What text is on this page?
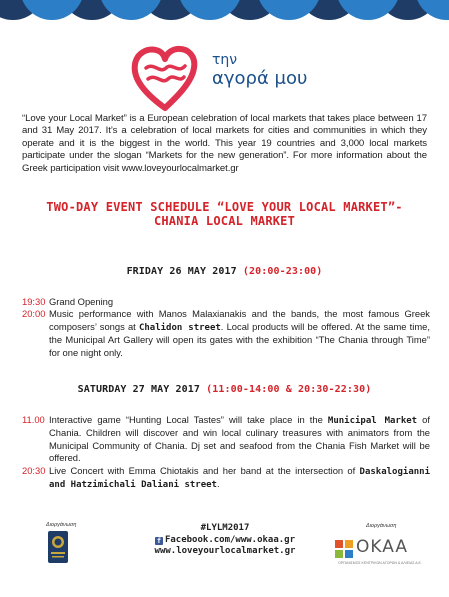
την
αγορά μου
“Love your Local Market” is a European celebration of local markets that takes place between 17 and 31 May 2017. It’s a celebration of local markets for cities and communities in which they operate and it is the biggest in the world. This year 19 countries and 3,000 local markets participate under the slogan “Markets for the new generation”. For more information about the Greek participation visit www.loveyourlocalmarket.gr
TWO-DAY EVENT SCHEDULE “LOVE YOUR LOCAL MARKET”-
CHANIA LOCAL MARKET
FRIDAY 26 MAY 2017 (20:00-23:00)
19:30 Grand Opening
20:00 Music performance with Manos Malaxianakis and the bands, the most famous Greek composers’ songs at Chalidon street. Local products will be offered. At the same time, the Municipal Art Gallery will open its gates with the exhibition “The Chania through Time” for one night only.
SATURDAY 27 MAY 2017 (11:00-14:00 & 20:30-22:30)
11.00 Interactive game “Hunting Local Tastes” will take place in the Municipal Market of Chania. Children will discover and win local culinary treasures with animators from the Municipal Community of Chania. Dj set and seafood from the Chania Fish Market will be offered.
20:30 Live Concert with Emma Chiotakis and her band at the intersection of Daskalogianni and Hatzimichali Daliani street.
Διοργάνωση	#LYLM2017
f Facebook.com/www.okaa.gr
www.loveyourlocalmarket.gr
Διοργάνωση
OKAA
ΟΡΓΑΝΙΣΜΟΣ ΚΕΝΤΡΙΚΩΝ ΑΓΟΡΩΝ & ΑΛΙΕΙΑΣ Α.Ε.
